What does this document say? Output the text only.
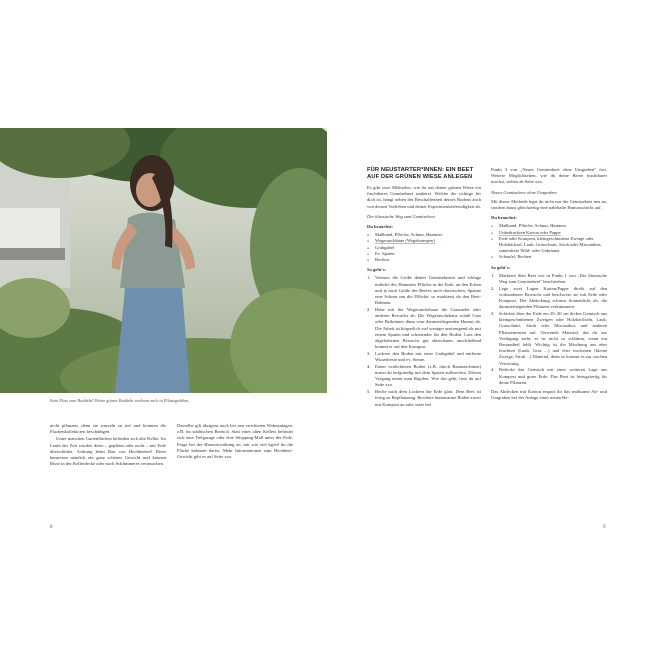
Kein Platz zum Buddeln? Reine grünes Buddeln wachsen auch in Pflanzgefäßen

nicht pflanzen, denn sie wurzeln zu tief und könnten die Flachenkollektoren beschädigen.

Unter manchen Gartenflächen befinden sich alte Keller. Im Laufe der Zeit wurden diese – gepflant oder nicht – mit Erde überschüttet. Achtung beim Bau von Hochbeeten! Diese bemessen nämlich ein ganz schönes Gewicht und können Risse in der Kellerdecke oder noch Schlimmeres verursachen.

Dasselbe gilt übrigens auch bei neu errichteten Wohnanlagen, z.B. im städtischen Bereich. Statt eines alten Kellers befindet sich eine Tiefgarage oder eine Shopping-Mall unter der Erde. Frage bei der Hausverwaltung an, mit wie viel kg/m² du die Fläche belasten darfst. Mehr Informationen zum Hochbeet-Gewicht gibt es auf Seite xxx.

8
FÜR NEUSTARTER*INNEN: EIN BEET AUF DER GRÜNEN WIESE ANLEGEN

Es gibt zwei Methoden, wie du aus deiner grünen Wiese ein fruchtbares Gemüsebeet zauberst. Welche die richtige für dich ist, hängt neben der Beschaffenheit deines Bodens auch von deinen Vorlieben und deiner Experimentierfreudigkeit ab.

Der klassische Weg zum Gemüsebeet
Du brauchst:
» Maßband, Pflöcke, Schnur, Hammer
» Wegerauchhaue (Wegekrampen)
» Grabgabel
» Ev. Spaten
» Rechen
So geht's:
1. Vermiss die Größe deines Gemüsebeetes und schlage mithilfe des Hammers Pflöcke in die Erde, an den Ecken und je nach Größe des Beetes auch dazwischen. Spanne eine Schnur um die Pflöcke, so markierst du den Beet-Rahmen.
2. Hebe mit der Wegerauchehaue die Grasnarbe oder anderen Bewuchs ab. Die Wegerauchehaue schält Gras oder Beikräuter dünn vom darunterliegenden Humus ab. Die Arbeit ist körperlich viel weniger anstrengend als mit einem Spaten und schonender für den Boden. Lass den abgehobenen Bewuchs gut abtrocknen, anschließend kommt er auf den Kompost.
3. Lockere den Boden mit einer Grabgabel und entferne Wurzelreste und ev. Steine.
4. Einen verdichteten Boden (z.B. durch Baumaschinen) musst du tiefgründig mit dem Spaten aufbrechen. Diesen Vorgang nennt man Rigolen. Wie das geht, liest du auf Seite xxx.
5. Reche nach dem Lockern die Erde glatt. Dein Beet ist fertig zu Bepflanzung. Reichere humusarme Böden zuvor mit Kompost an oder setze bei

Punkt 3 von „Neues Gemüsebeet ohne Umgraben" fort. Weitere Möglichkeiten, wie du deine Beete fruchtbarer machst, stehen ab Seite xxx.

Neues Gemüsebeet ohne Umgraben

Mit dieser Methode legst du nicht nur die Gemüsebeet neu an, sondern baust gleichzeitig eine nahrhafte Humusschicht auf.

Du brauchst:
» Maßband, Pflöcke, Schnur, Hammer
» Unbedruckten Karton oder Pappe
» Erde oder Kompost, kleingeschnittene Zweige oder Holzhäcksel, Laub, Grasschnitt, Stroh oder Miscanthus, samenfreie Wild- oder Unkräuter
» Schaufel, Rechen
So geht's:
1. Markiere dein Beet wie in Punkt 1 von „Der klassische Weg zum Gemüsebeet" beschrieben.
2. Lege zwei Lagen Karton/Pappe direkt auf den vorhandenen Bewuchs und beschwere sie mit Erde oder Kompost. Die Abdeckung schirmt Sonnenlicht ab, die darunterliegenden Pflanzen verkümmern.
3. Schichte über der Erde ein 20–30 cm dickes Gemisch aus kleingeschnittenen Zweigen oder Holzhäckseln, Laub, Grasschnitt, Stroh oder Miscanthus und anderen Pflanzenresten auf. Verwende Material, das dir zur Verfügung steht, es ist nicht so schlimm, wenn ein Bestandteil fehlt. Wichtig ist die Mischung aus eher feuchten (Laub, Gras ...) und eher trockenen (kleine Zweige, Stroh ...) Material, denn so kommt es zur raschen Verrottung.
4. Bedecke das Gemisch mit einer weiteren Lage aus Kompost und guter Erde. Das Beet ist bezugsfertig für deine Pflanzen.

Das Abdecken mit Karton erspart dir das mühsame Ab- und Umgraben bei der Anlage eines neuen Be-

9
